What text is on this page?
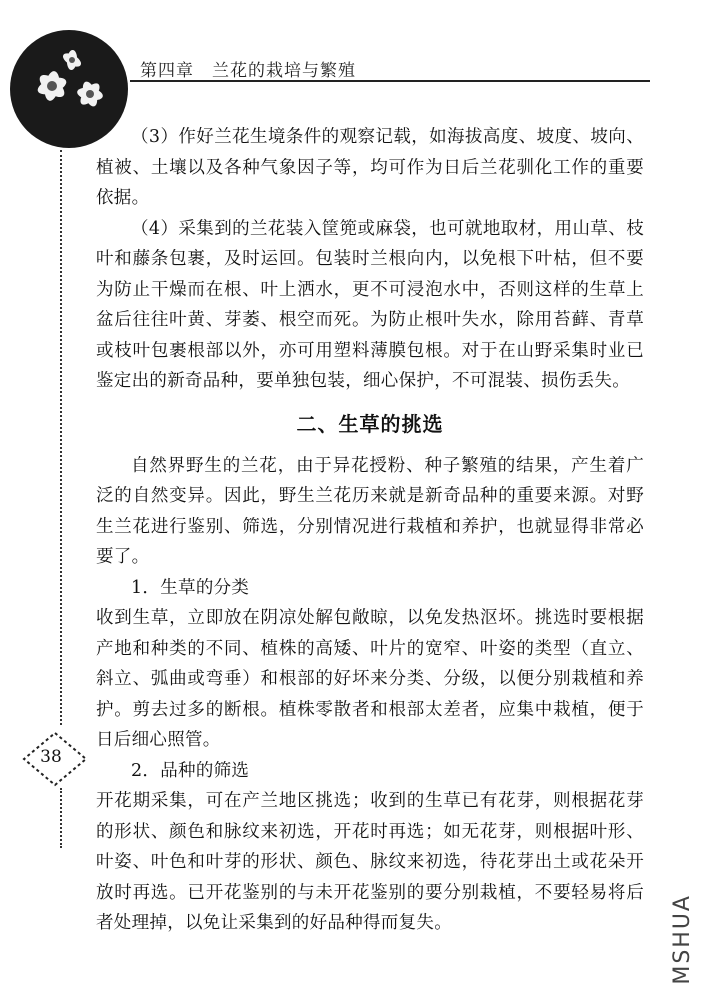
第四章　兰花的栽培与繁殖
38

（3）作好兰花生境条件的观察记载，如海拔高度、坡度、坡向、植被、土壤以及各种气象因子等，均可作为日后兰花驯化工作的重要依据。

（4）采集到的兰花装入筐篼或麻袋，也可就地取材，用山草、枝叶和藤条包裹，及时运回。包装时兰根向内，以免根下叶枯，但不要为防止干燥而在根、叶上洒水，更不可浸泡水中，否则这样的生草上盆后往往叶黄、芽萎、根空而死。为防止根叶失水，除用苔藓、青草或枝叶包裹根部以外，亦可用塑料薄膜包根。对于在山野采集时业已鉴定出的新奇品种，要单独包装，细心保护，不可混装、损伤丢失。

二、生草的挑选

自然界野生的兰花，由于异花授粉、种子繁殖的结果，产生着广泛的自然变异。因此，野生兰花历来就是新奇品种的重要来源。对野生兰花进行鉴别、筛选，分别情况进行栽植和养护，也就显得非常必要了。

1．生草的分类

收到生草，立即放在阴凉处解包敞晾，以免发热沤坏。挑选时要根据产地和种类的不同、植株的高矮、叶片的宽窄、叶姿的类型（直立、斜立、弧曲或弯垂）和根部的好坏来分类、分级，以便分别栽植和养护。剪去过多的断根。植株零散者和根部太差者，应集中栽植，便于日后细心照管。

2．品种的筛选

开花期采集，可在产兰地区挑选；收到的生草已有花芽，则根据花芽的形状、颜色和脉纹来初选，开花时再选；如无花芽，则根据叶形、叶姿、叶色和叶芽的形状、颜色、脉纹来初选，待花芽出土或花朵开放时再选。已开花鉴别的与未开花鉴别的要分别栽植，不要轻易将后者处理掉，以免让采集到的好品种得而复失。	MSHUA
